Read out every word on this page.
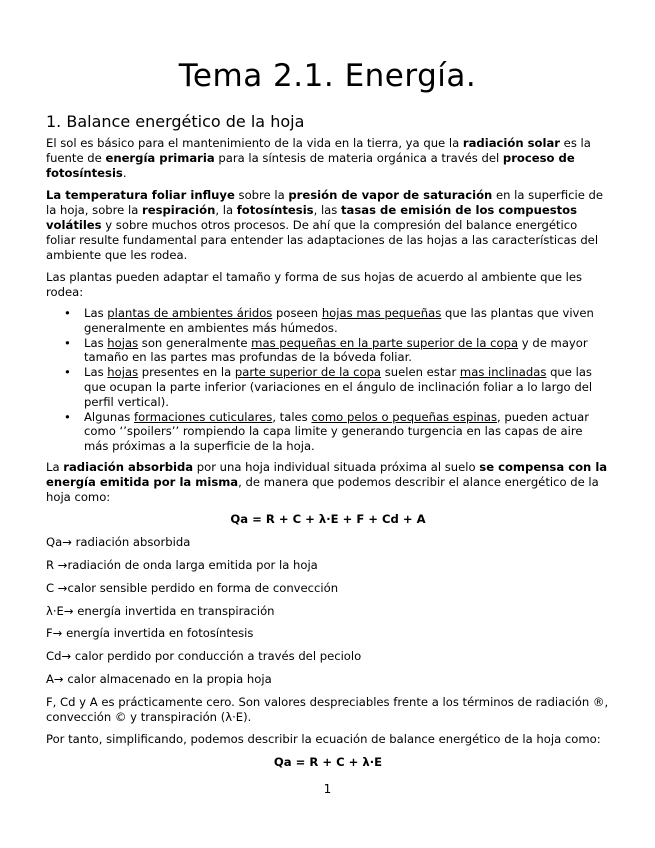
Tema 2.1. Energía.
1. Balance energético de la hoja

El sol es básico para el mantenimiento de la vida en la tierra, ya que la radiación solar es la fuente de energía primaria para la síntesis de materia orgánica a través del proceso de fotosíntesis.

La temperatura foliar influye sobre la presión de vapor de saturación en la superficie de la hoja, sobre la respiración, la fotosíntesis, las tasas de emisión de los compuestos volátiles y sobre muchos otros procesos. De ahí que la compresión del balance energético foliar resulte fundamental para entender las adaptaciones de las hojas a las características del ambiente que les rodea.

Las plantas pueden adaptar el tamaño y forma de sus hojas de acuerdo al ambiente que les rodea:

• Las plantas de ambientes áridos poseen hojas mas pequeñas que las plantas que viven generalmente en ambientes más húmedos.
• Las hojas son generalmente mas pequeñas en la parte superior de la copa y de mayor tamaño en las partes mas profundas de la bóveda foliar.
• Las hojas presentes en la parte superior de la copa suelen estar mas inclinadas que las que ocupan la parte inferior (variaciones en el ángulo de inclinación foliar a lo largo del perfil vertical).
• Algunas formaciones cuticulares, tales como pelos o pequeñas espinas, pueden actuar como ‘’spoilers’’ rompiendo la capa limite y generando turgencia en las capas de aire más próximas a la superficie de la hoja.

La radiación absorbida por una hoja individual situada próxima al suelo se compensa con la energía emitida por la misma, de manera que podemos describir el alance energético de la hoja como:

Qa = R + C + λ·E + F + Cd + A

Qa→ radiación absorbida

R →radiación de onda larga emitida por la hoja

C →calor sensible perdido en forma de convección

λ·E→ energía invertida en transpiración

F→ energía invertida en fotosíntesis

Cd→ calor perdido por conducción a través del peciolo

A→ calor almacenado en la propia hoja

F, Cd y A es prácticamente cero. Son valores despreciables frente a los términos de radiación ®, convección © y transpiración (λ·E).

Por tanto, simplificando, podemos describir la ecuación de balance energético de la hoja como:

Qa = R + C + λ·E

1
